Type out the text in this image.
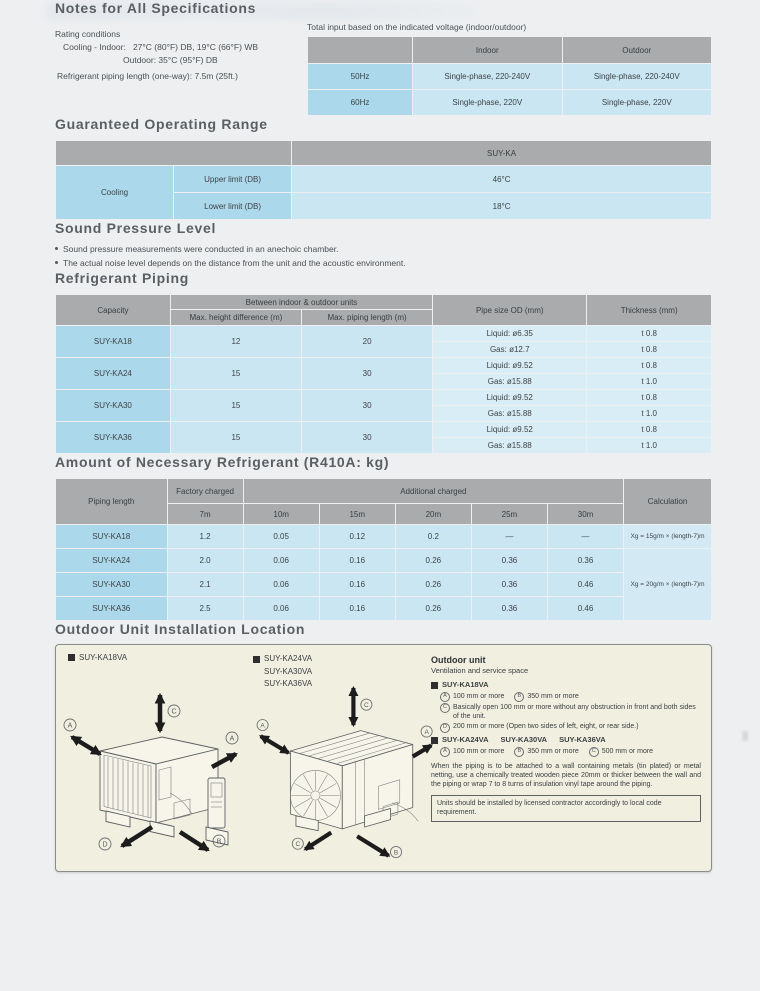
Notes for All Specifications
Rating conditions
Cooling - Indoor: 27°C (80°F) DB, 19°C (66°F) WB
Outdoor: 35°C (95°F) DB
Refrigerant piping length (one-way): 7.5m (25ft.)
Total input based on the indicated voltage (indoor/outdoor)
	Indoor	Outdoor
50Hz	Single-phase, 220-240V	Single-phase, 220-240V
60Hz	Single-phase, 220V	Single-phase, 220V
Guaranteed Operating Range
		SUY-KA
Cooling	Upper limit (DB)	46°C
	Lower limit (DB)	18°C
Sound Pressure Level
Sound pressure measurements were conducted in an anechoic chamber.
The actual noise level depends on the distance from the unit and the acoustic environment.
Refrigerant Piping
Capacity	Between indoor & outdoor units		Pipe size OD (mm)	Thickness (mm)
	Max. height difference (m)	Max. piping length (m)		
SUY-KA18	12	20	Liquid: ø6.35	t 0.8
			Gas: ø12.7	t 0.8
SUY-KA24	15	30	Liquid: ø9.52	t 0.8
			Gas: ø15.88	t 1.0
SUY-KA30	15	30	Liquid: ø9.52	t 0.8
			Gas: ø15.88	t 1.0
SUY-KA36	15	30	Liquid: ø9.52	t 0.8
			Gas: ø15.88	t 1.0
Amount of Necessary Refrigerant (R410A: kg)
Piping length	Factory charged	Additional charged					Calculation
	7m	10m	15m	20m	25m	30m	
SUY-KA18	1.2	0.05	0.12	0.2	—	—	Xg = 15g/m × (length-7)m
SUY-KA24	2.0	0.06	0.16	0.26	0.36	0.36	Xg = 20g/m × (length-7)m
SUY-KA30	2.1	0.06	0.16	0.26	0.36	0.46	
SUY-KA36	2.5	0.06	0.16	0.26	0.36	0.46	
Outdoor Unit Installation Location
SUY-KA18VA	SUY-KA24VA
SUY-KA30VA
SUY-KA36VA
C
A
A
D	B
C
A
A
C
B
Outdoor unit
Ventilation and service space
SUY-KA18VA
A 100 mm or more	B 350 mm or more
C Basically open 100 mm or more without any obstruction in front and both sides of the unit.
D 200 mm or more (Open two sides of left, eight, or rear side.)
SUY-KA24VA SUY-KA30VA SUY-KA36VA
A 100 mm or more	B 350 mm or more	C 500 mm or more
When the piping is to be attached to a wall containing metals (tin plated) or metal netting, use a chemically treated wooden piece 20mm or thicker between the wall and the piping or wrap 7 to 8 turns of insulation vinyl tape around the piping.
Units should be installed by licensed contractor accordingly to local code requirement.
